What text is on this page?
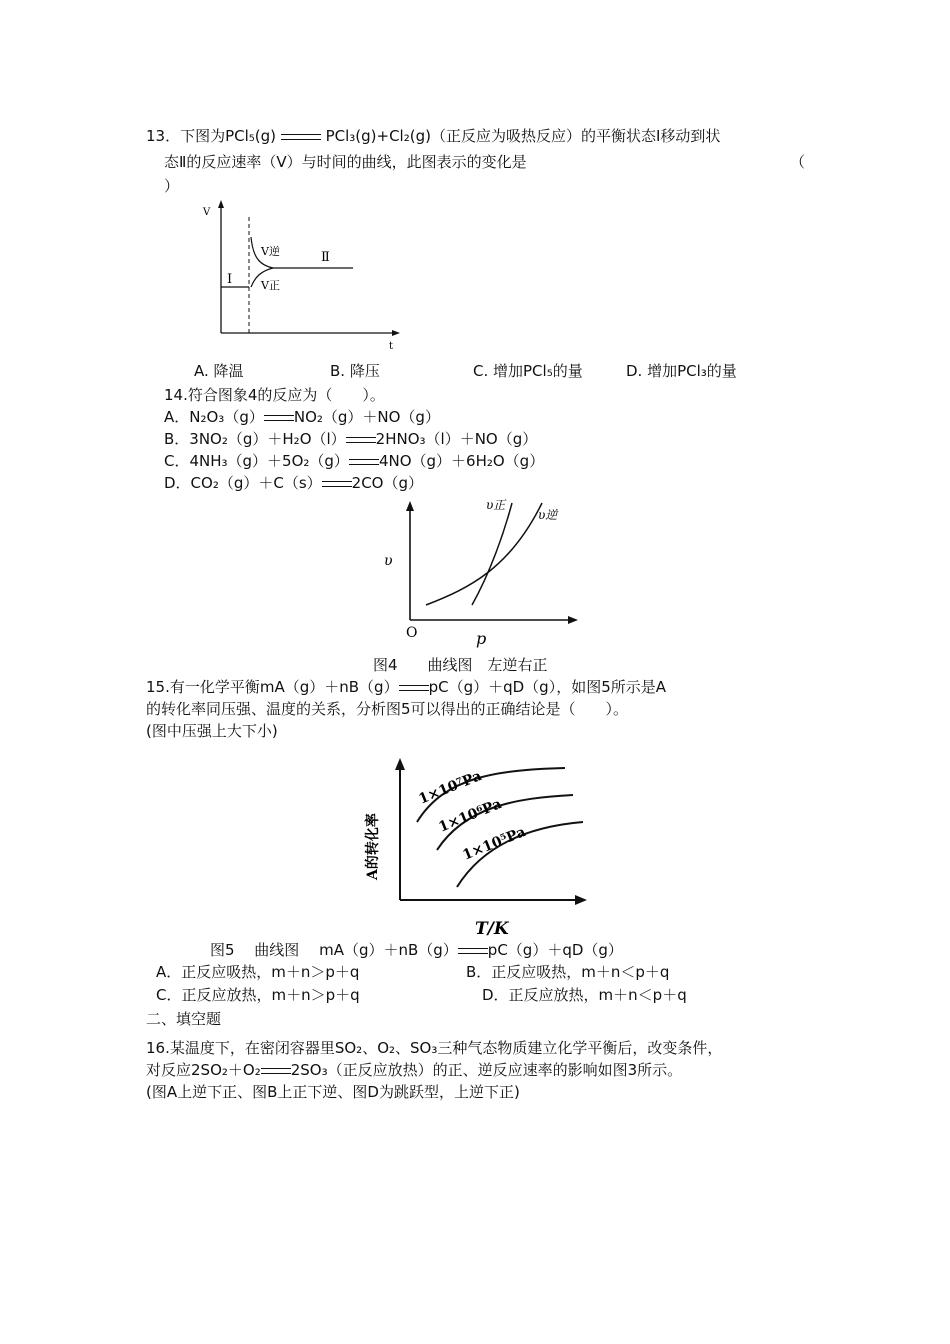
13．下图为PCl₅(g)	PCl₃(g)+Cl₂(g)（正反应为吸热反应）的平衡状态Ⅰ移动到状
态Ⅱ的反应速率（V）与时间的曲线，此图表示的变化是	（
）
V
t
Ⅰ
Ⅱ
V逆
V正
A. 降温	B. 降压	C. 增加PCl₅的量	D. 增加PCl₃的量
14.符合图象4的反应为（　　）。
A．N₂O₃（g） NO₂（g）＋NO（g）
B．3NO₂（g）＋H₂O（l） 2HNO₃（l）＋NO（g）
C．4NH₃（g）＋5O₂（g） 4NO（g）＋6H₂O（g）
D．CO₂（g）＋C（s） 2CO（g）
υ
p
O
υ正
υ逆
图4　　曲线图　左逆右正
15.有一化学平衡mA（g）＋nB（g） pC（g）＋qD（g），如图5所示是A
的转化率同压强、温度的关系，分析图5可以得出的正确结论是（　　）。
(图中压强上大下小)
A的转化率
T/K
1×10⁷Pa
1×10⁶Pa
1×10⁵Pa
图5　 曲线图　 mA（g）＋nB（g） pC（g）＋qD（g）
A．正反应吸热，m＋n＞p＋q	B．正反应吸热，m＋n＜p＋q
C．正反应放热，m＋n＞p＋q	D．正反应放热，m＋n＜p＋q
二、填空题
16.某温度下，在密闭容器里SO₂、O₂、SO₃三种气态物质建立化学平衡后，改变条件，
对反应2SO₂＋O₂ 2SO₃（正反应放热）的正、逆反应速率的影响如图3所示。
(图A上逆下正、图B上正下逆、图D为跳跃型，上逆下正)
